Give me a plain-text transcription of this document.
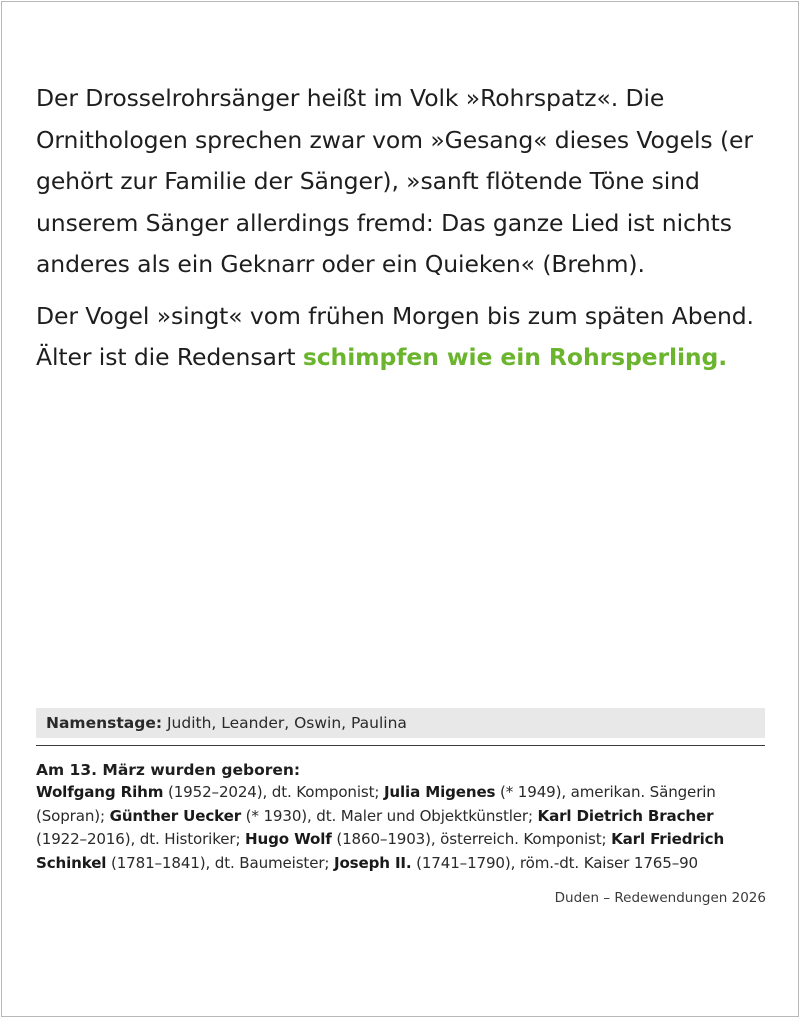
Der Drosselrohrsänger heißt im Volk »Rohrspatz«. Die Ornithologen sprechen zwar vom »Gesang« dieses Vogels (er gehört zur Familie der Sänger), »sanft flötende Töne sind unserem Sänger allerdings fremd: Das ganze Lied ist nichts anderes als ein Geknarr oder ein Quieken« (Brehm).

Der Vogel »singt« vom frühen Morgen bis zum späten Abend. Älter ist die Redensart schimpfen wie ein Rohrsperling.

Namenstage: Judith, Leander, Oswin, Paulina
Am 13. März wurden geboren:
Wolfgang Rihm (1952–2024), dt. Komponist; Julia Migenes (* 1949), amerikan. Sängerin (Sopran); Günther Uecker (* 1930), dt. Maler und Objektkünstler; Karl Dietrich Bracher (1922–2016), dt. Historiker; Hugo Wolf (1860–1903), österreich. Komponist; Karl Friedrich Schinkel (1781–1841), dt. Baumeister; Joseph II. (1741–1790), röm.-dt. Kaiser 1765–90
Duden – Redewendungen 2026
